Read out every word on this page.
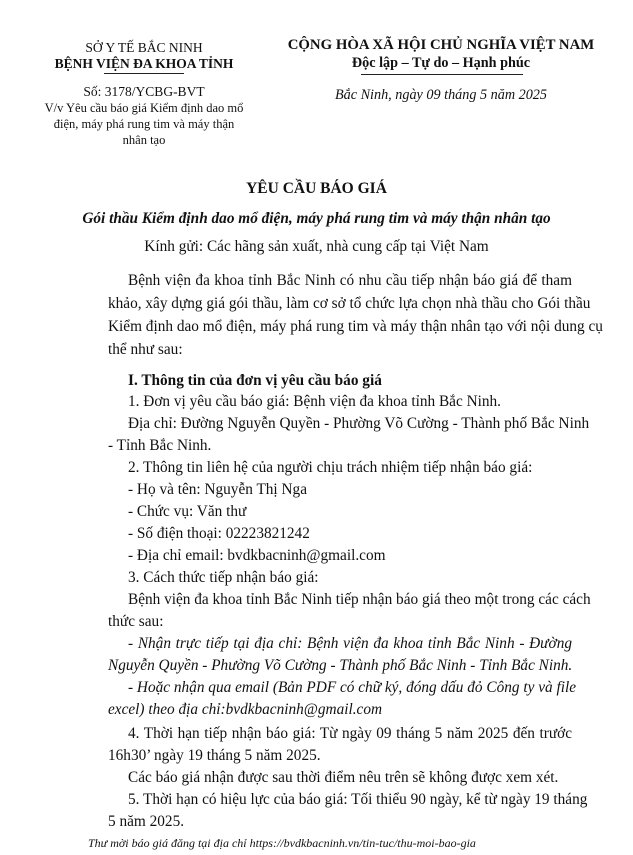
SỞ Y TẾ BẮC NINH
BỆNH VIỆN ĐA KHOA TỈNH
Số: 3178/YCBG-BVT
V/v Yêu cầu báo giá Kiểm định dao mổ
điện, máy phá rung tim và máy thận
nhân tạo
CỘNG HÒA XÃ HỘI CHỦ NGHĨA VIỆT NAM
Độc lập – Tự do – Hạnh phúc
Bắc Ninh, ngày 09 tháng 5 năm 2025
YÊU CẦU BÁO GIÁ
Gói thầu Kiểm định dao mổ điện, máy phá rung tim và máy thận nhân tạo
Kính gửi: Các hãng sản xuất, nhà cung cấp tại Việt Nam
Bệnh viện đa khoa tỉnh Bắc Ninh có nhu cầu tiếp nhận báo giá để tham
khảo, xây dựng giá gói thầu, làm cơ sở tổ chức lựa chọn nhà thầu cho Gói thầu
Kiểm định dao mổ điện, máy phá rung tim và máy thận nhân tạo với nội dung cụ
thể như sau:
I. Thông tin của đơn vị yêu cầu báo giá
1. Đơn vị yêu cầu báo giá: Bệnh viện đa khoa tỉnh Bắc Ninh.
Địa chỉ: Đường Nguyễn Quyền - Phường Võ Cường - Thành phố Bắc Ninh
- Tỉnh Bắc Ninh.
2. Thông tin liên hệ của người chịu trách nhiệm tiếp nhận báo giá:
- Họ và tên: Nguyễn Thị Nga
- Chức vụ: Văn thư
- Số điện thoại: 02223821242
- Địa chỉ email: bvdkbacninh@gmail.com
3. Cách thức tiếp nhận báo giá:
Bệnh viện đa khoa tỉnh Bắc Ninh tiếp nhận báo giá theo một trong các cách
thức sau:
- Nhận trực tiếp tại địa chỉ: Bệnh viện đa khoa tỉnh Bắc Ninh - Đường
Nguyễn Quyền - Phường Võ Cường - Thành phố Bắc Ninh - Tỉnh Bắc Ninh.
- Hoặc nhận qua email (Bản PDF có chữ ký, đóng dấu đỏ Công ty và file
excel) theo địa chỉ:bvdkbacninh@gmail.com
4. Thời hạn tiếp nhận báo giá: Từ ngày 09 tháng 5 năm 2025 đến trước
16h30’ ngày 19 tháng 5 năm 2025.
Các báo giá nhận được sau thời điểm nêu trên sẽ không được xem xét.
5. Thời hạn có hiệu lực của báo giá: Tối thiểu 90 ngày, kể từ ngày 19 tháng
5 năm 2025.
Thư mời báo giá đăng tại địa chỉ https://bvdkbacninh.vn/tin-tuc/thu-moi-bao-gia
